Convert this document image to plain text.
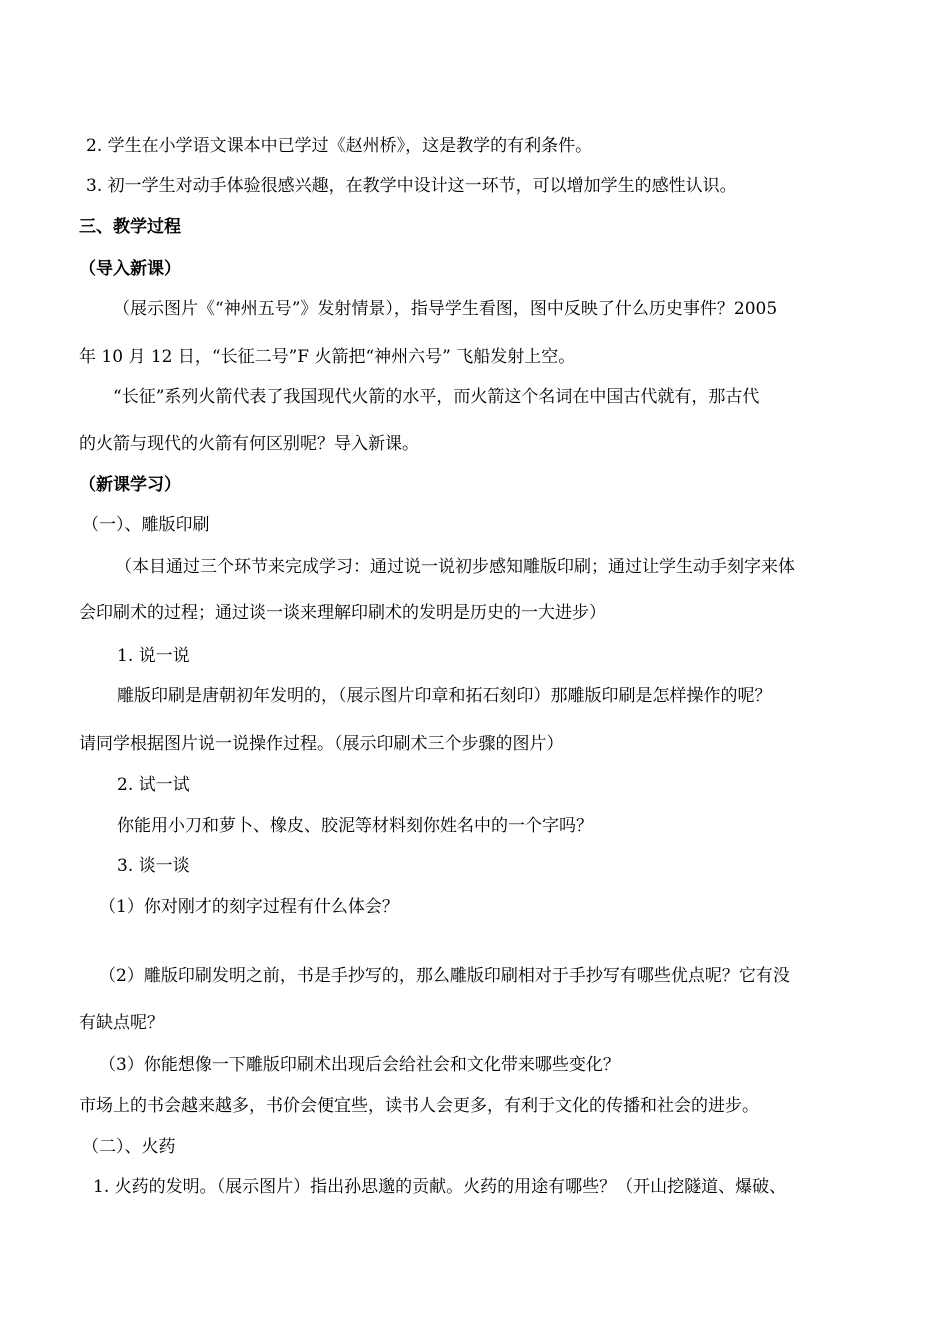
2. 学生在小学语文课本中已学过《赵州桥》，这是教学的有利条件。
3. 初一学生对动手体验很感兴趣，在教学中设计这一环节，可以增加学生的感性认识。
三、教学过程
（导入新课）
（展示图片《“神州五号”》发射情景），指导学生看图，图中反映了什么历史事件？2005
年 10 月 12 日，“长征二号”F 火箭把“神州六号” 飞船发射上空。
“长征”系列火箭代表了我国现代火箭的水平，而火箭这个名词在中国古代就有，那古代
的火箭与现代的火箭有何区别呢？导入新课。
（新课学习）
（一）、雕版印刷
（本目通过三个环节来完成学习：通过说一说初步感知雕版印刷；通过让学生动手刻字来体
会印刷术的过程；通过谈一谈来理解印刷术的发明是历史的一大进步）
1. 说一说
雕版印刷是唐朝初年发明的，（展示图片印章和拓石刻印）那雕版印刷是怎样操作的呢？
请同学根据图片说一说操作过程。（展示印刷术三个步骤的图片）
2. 试一试
你能用小刀和萝卜、橡皮、胶泥等材料刻你姓名中的一个字吗？
3. 谈一谈
（1）你对刚才的刻字过程有什么体会？
（2）雕版印刷发明之前，书是手抄写的，那么雕版印刷相对于手抄写有哪些优点呢？它有没
有缺点呢？
（3）你能想像一下雕版印刷术出现后会给社会和文化带来哪些变化？
市场上的书会越来越多，书价会便宜些，读书人会更多，有利于文化的传播和社会的进步。
（二）、火药
1. 火药的发明。（展示图片）指出孙思邈的贡献。火药的用途有哪些？（开山挖隧道、爆破、
